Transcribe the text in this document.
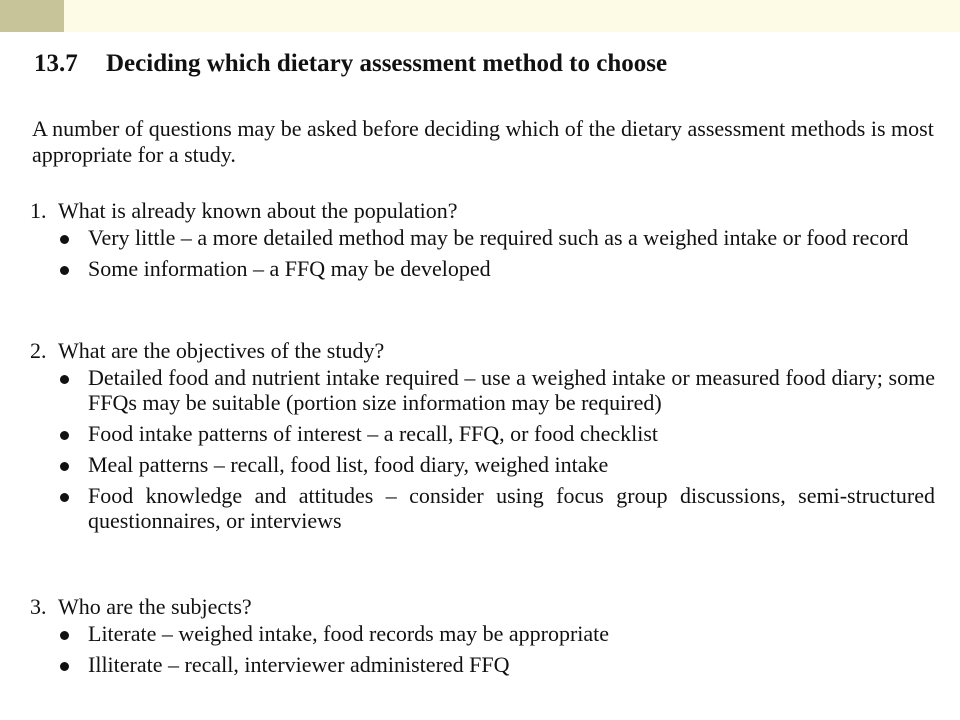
13.7 Deciding which dietary assessment method to choose
A number of questions may be asked before deciding which of the dietary assessment methods is most appropriate for a study.
1. What is already known about the population?
Very little – a more detailed method may be required such as a weighed intake or food record
Some information – a FFQ may be developed
2. What are the objectives of the study?
Detailed food and nutrient intake required – use a weighed intake or measured food diary; some FFQs may be suitable (portion size information may be required)
Food intake patterns of interest – a recall, FFQ, or food checklist
Meal patterns – recall, food list, food diary, weighed intake
Food knowledge and attitudes – consider using focus group discussions, semi-structured questionnaires, or interviews
3. Who are the subjects?
Literate – weighed intake, food records may be appropriate
Illiterate – recall, interviewer administered FFQ
